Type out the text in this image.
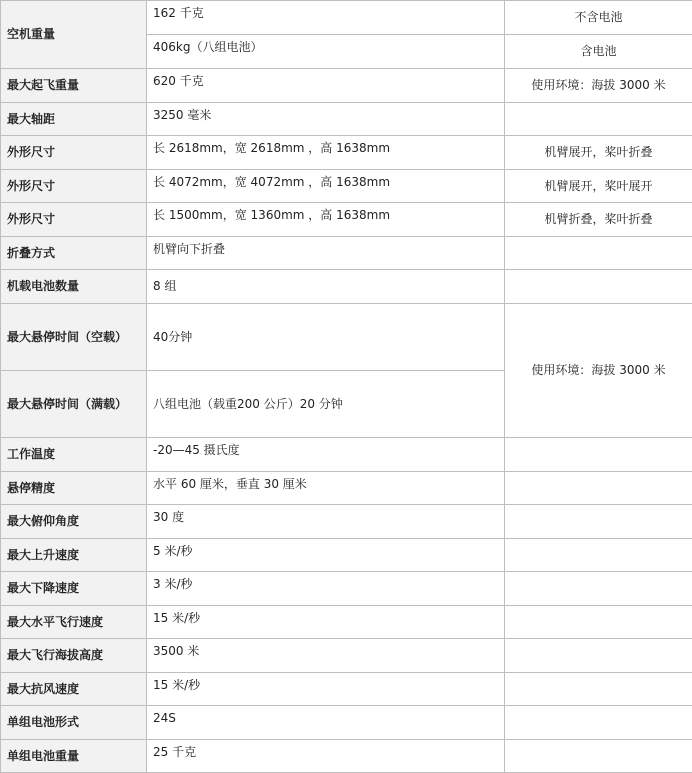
空机重量	162 千克	不含电池
	406kg（八组电池）	含电池
最大起飞重量	620 千克	使用环境：海拔 3000 米
最大轴距	3250 毫米	
外形尺寸	长 2618mm，宽 2618mm ，高 1638mm	机臂展开，桨叶折叠
外形尺寸	长 4072mm，宽 4072mm ，高 1638mm	机臂展开，桨叶展开
外形尺寸	长 1500mm，宽 1360mm ，高 1638mm	机臂折叠，桨叶折叠
折叠方式	机臂向下折叠	
机载电池数量	8 组	
最大悬停时间（空载）	40分钟	使用环境：海拔 3000 米
最大悬停时间（满载）	八组电池（载重200 公斤）20 分钟	
工作温度	-20—45 摄氏度	
悬停精度	水平 60 厘米，垂直 30 厘米	
最大俯仰角度	30 度	
最大上升速度	5 米/秒	
最大下降速度	3 米/秒	
最大水平飞行速度	15 米/秒	
最大飞行海拔高度	3500 米	
最大抗风速度	15 米/秒	
单组电池形式	24S	
单组电池重量	25 千克	
